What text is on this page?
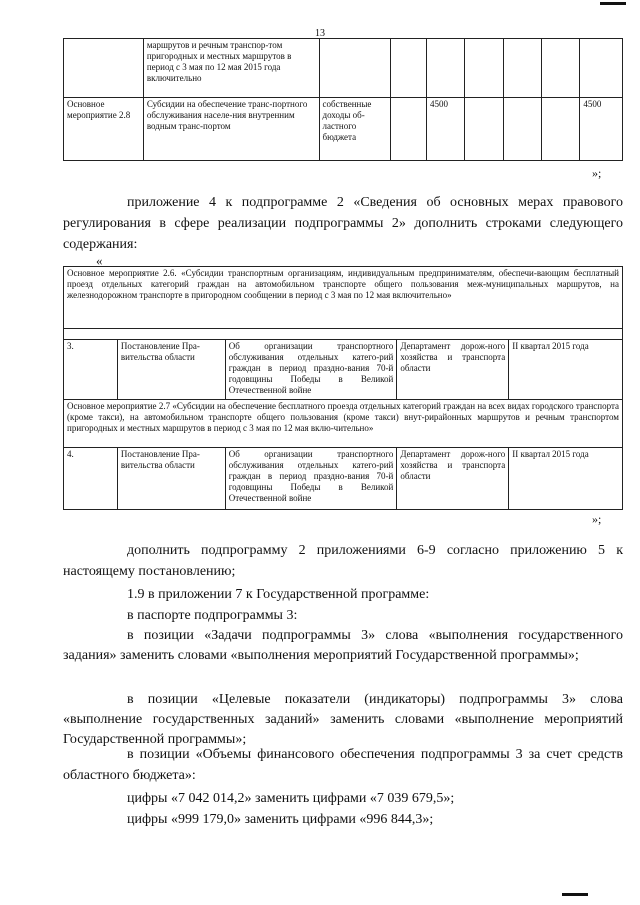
13
	маршрутов и речным транспор-том пригородных и местных маршрутов в период с 3 мая по 12 мая 2015 года включительно							
Основное мероприятие 2.8	Субсидии на обеспечение транс-портного обслуживания населе-ния внутренним водным транс-портом	собственные доходы об-ластного бюджета		4500				4500
»;
приложение 4 к подпрограмме 2 «Сведения об основных мерах правового регулирования в сфере реализации подпрограммы 2» дополнить строками следующего содержания:
«
Основное мероприятие 2.6. «Субсидии транспортным организациям, индивидуальным предпринимателям, обеспечи-вающим бесплатный проезд отдельных категорий граждан на автомобильном транспорте общего пользования меж-муниципальных маршрутов, на железнодорожном транспорте в пригородном сообщении в период с 3 мая по 12 мая включительно»				

3.	Постановление Пра-вительства области	Об организации транспортного обслуживания отдельных катего-рий граждан в период праздно-вания 70-й годовщины Победы в Великой Отечественной войне	Департамент дорож-ного хозяйства и транспорта области	II квартал 2015 года
Основное мероприятие 2.7 «Субсидии на обеспечение бесплатного проезда отдельных категорий граждан на всех видах городского транспорта (кроме такси), на автомобильном транспорте общего пользования (кроме такси) внут-рирайонных маршрутов и речным транспортом пригородных и местных маршрутов в период с 3 мая по 12 мая вклю-чительно»				
4.	Постановление Пра-вительства области	Об организации транспортного обслуживания отдельных катего-рий граждан в период праздно-вания 70-й годовщины Победы в Великой Отечественной войне	Департамент дорож-ного хозяйства и транспорта области	II квартал 2015 года
»;
дополнить подпрограмму 2 приложениями 6-9 согласно приложению 5 к настоящему постановлению;
1.9 в приложении 7 к Государственной программе:
в паспорте подпрограммы 3:
в позиции «Задачи подпрограммы 3» слова «выполнения государственного задания» заменить словами «выполнения мероприятий Государственной программы»;
в позиции «Целевые показатели (индикаторы) подпрограммы 3» слова «выполнение государственных заданий» заменить словами «выполнение мероприятий Государственной программы»;
в позиции «Объемы финансового обеспечения подпрограммы 3 за счет средств областного бюджета»:
цифры «7 042 014,2» заменить цифрами «7 039 679,5»;
цифры «999 179,0» заменить цифрами «996 844,3»;
